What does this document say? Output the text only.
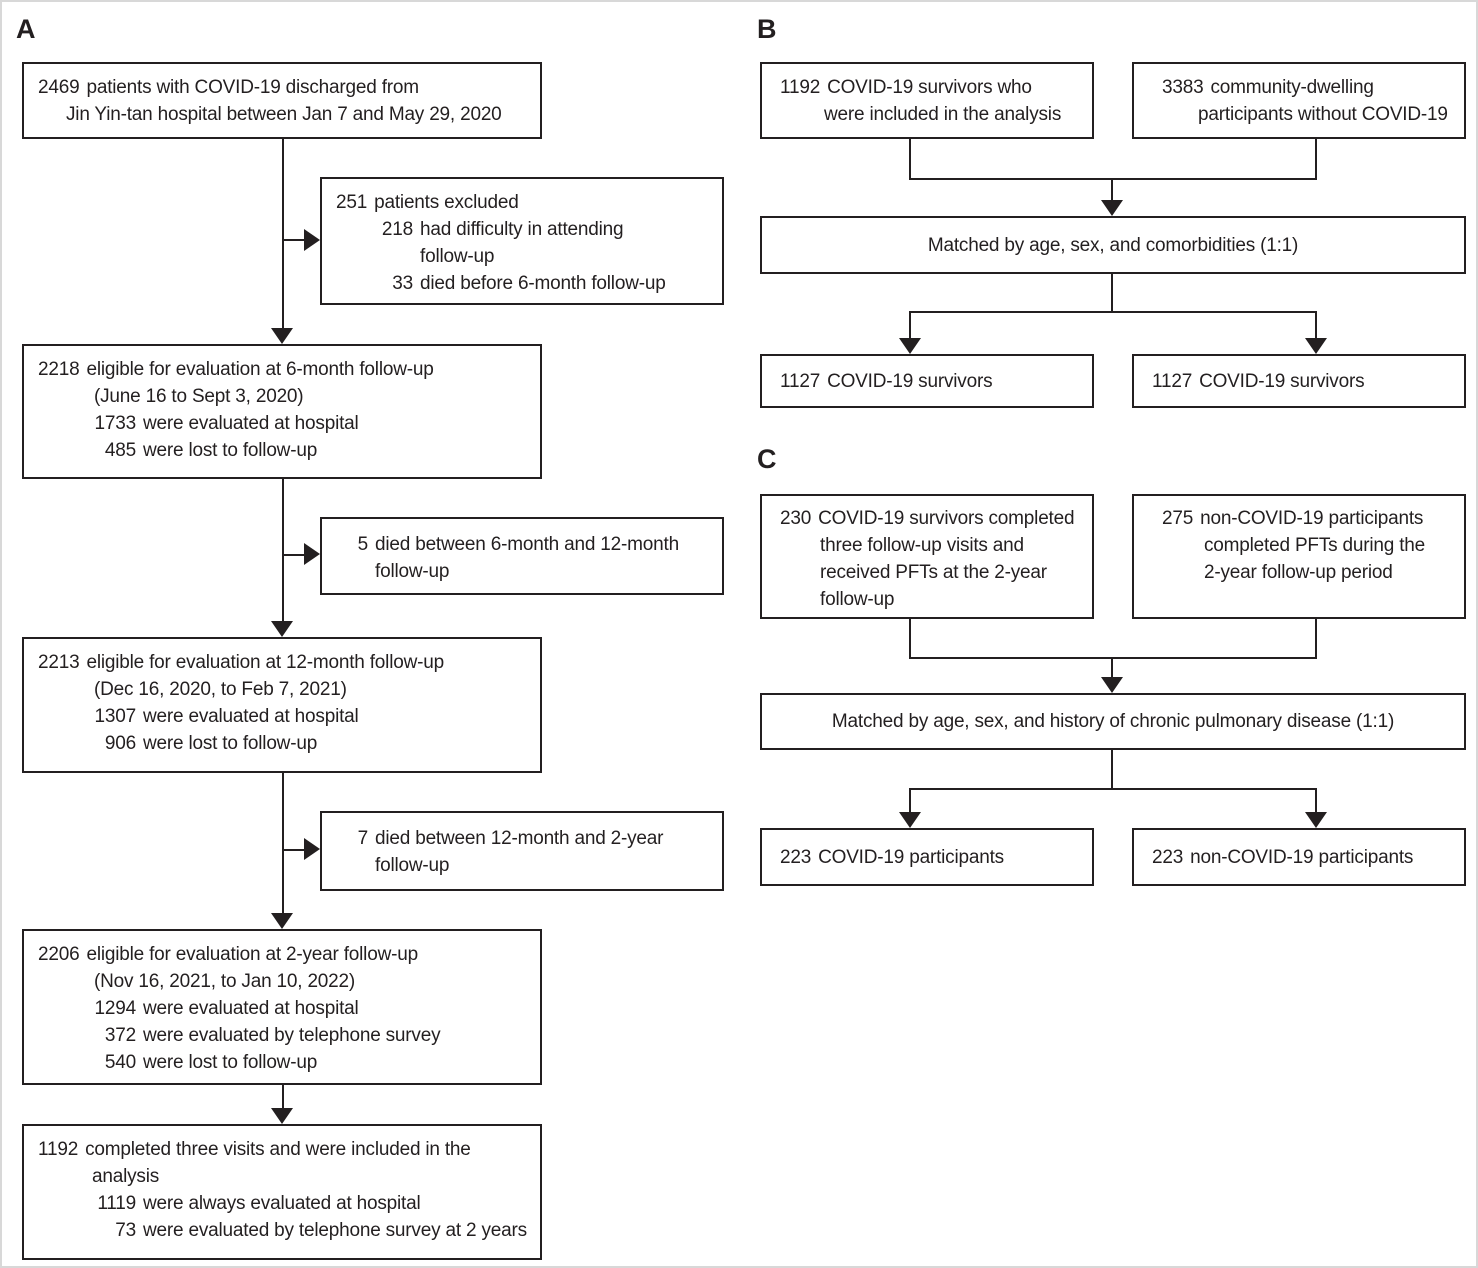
A
2469 patients with COVID-19 discharged from
Jin Yin-tan hospital between Jan 7 and May 29, 2020
251 patients excluded
218 had difficulty in attending
follow-up
33 died before 6-month follow-up
2218 eligible for evaluation at 6-month follow-up
(June 16 to Sept 3, 2020)
1733 were evaluated at hospital
485 were lost to follow-up
5 died between 6-month and 12-month
follow-up
2213 eligible for evaluation at 12-month follow-up
(Dec 16, 2020, to Feb 7, 2021)
1307 were evaluated at hospital
906 were lost to follow-up
7 died between 12-month and 2-year
follow-up
2206 eligible for evaluation at 2-year follow-up
(Nov 16, 2021, to Jan 10, 2022)
1294 were evaluated at hospital
372 were evaluated by telephone survey
540 were lost to follow-up
1192 completed three visits and were included in the
analysis
1119 were always evaluated at hospital
73 were evaluated by telephone survey at 2 years
B
1192 COVID-19 survivors who
were included in the analysis
3383 community-dwelling
participants without COVID-19
Matched by age, sex, and comorbidities (1:1)
1127 COVID-19 survivors	1127 COVID-19 survivors
C
230 COVID-19 survivors completed
three follow-up visits and
received PFTs at the 2-year
follow-up
275 non-COVID-19 participants
completed PFTs during the
2-year follow-up period
Matched by age, sex, and history of chronic pulmonary disease (1:1)
223 COVID-19 participants	223 non-COVID-19 participants
